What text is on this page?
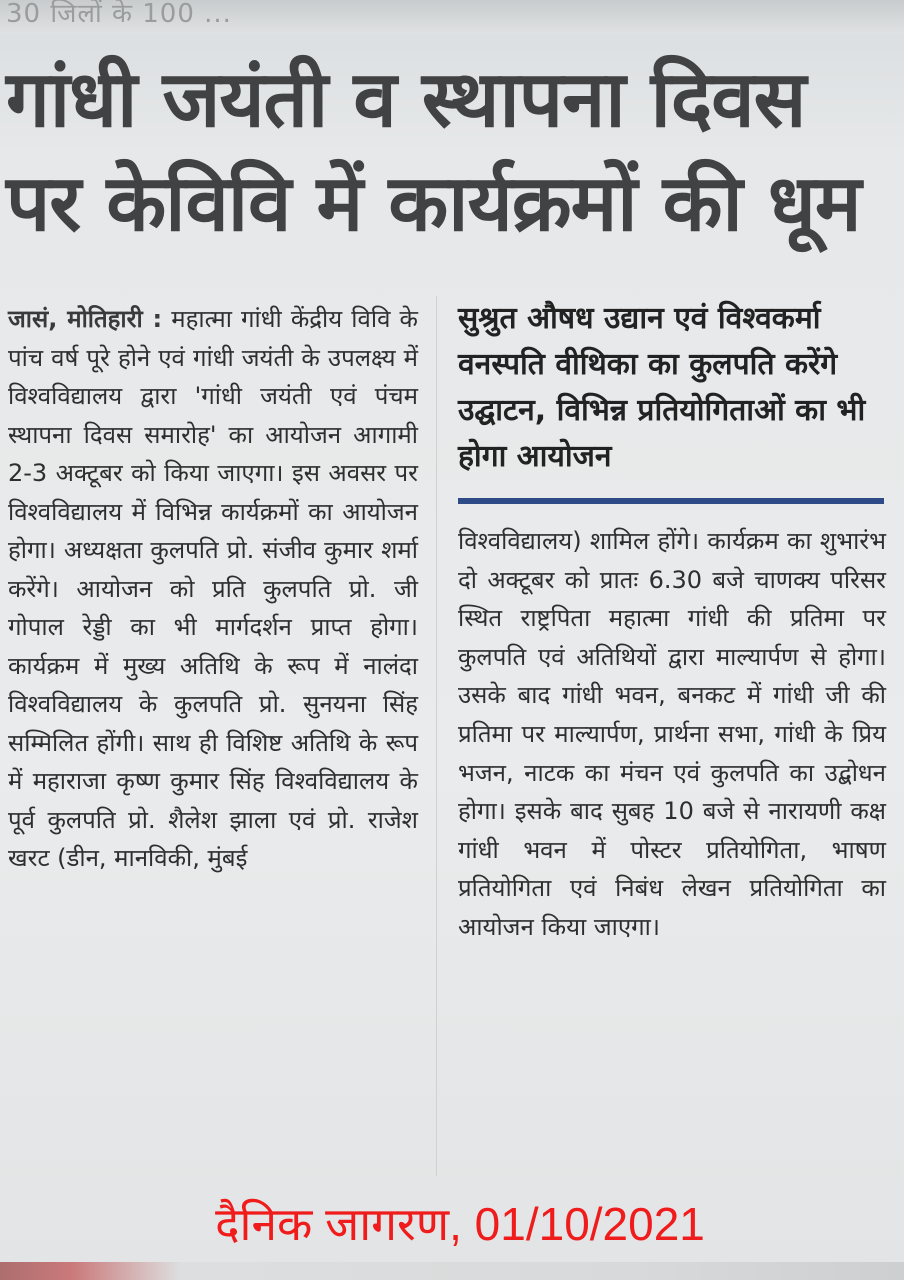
30 जिलों के 100 ...
गांधी जयंती व स्थापना दिवस
पर केविवि में कार्यक्रमों की धूम
जासं, मोतिहारी : महात्मा गांधी केंद्रीय विवि के पांच वर्ष पूरे होने एवं गांधी जयंती के उपलक्ष्य में विश्वविद्यालय द्वारा 'गांधी जयंती एवं पंचम स्थापना दिवस समारोह' का आयोजन आगामी 2-3 अक्टूबर को किया जाएगा। इस अवसर पर विश्वविद्यालय में विभिन्न कार्यक्रमों का आयोजन होगा। अध्यक्षता कुलपति प्रो. संजीव कुमार शर्मा करेंगे। आयोजन को प्रति कुलपति प्रो. जी गोपाल रेड्डी का भी मार्गदर्शन प्राप्त होगा। कार्यक्रम में मुख्य अतिथि के रूप में नालंदा विश्वविद्यालय के कुलपति प्रो. सुनयना सिंह सम्मिलित होंगी। साथ ही विशिष्ट अतिथि के रूप में महाराजा कृष्ण कुमार सिंह विश्वविद्यालय के पूर्व कुलपति प्रो. शैलेश झाला एवं प्रो. राजेश खरट (डीन, मानविकी, मुंबई

सुश्रुत औषध उद्यान एवं विश्वकर्मा वनस्पति वीथिका का कुलपति करेंगे उद्घाटन, विभिन्न प्रतियोगिताओं का भी होगा आयोजन

विश्वविद्यालय) शामिल होंगे। कार्यक्रम का शुभारंभ दो अक्टूबर को प्रातः 6.30 बजे चाणक्य परिसर स्थित राष्ट्रपिता महात्मा गांधी की प्रतिमा पर कुलपति एवं अतिथियों द्वारा माल्यार्पण से होगा। उसके बाद गांधी भवन, बनकट में गांधी जी की प्रतिमा पर माल्यार्पण, प्रार्थना सभा, गांधी के प्रिय भजन, नाटक का मंचन एवं कुलपति का उद्बोधन होगा। इसके बाद सुबह 10 बजे से नारायणी कक्ष गांधी भवन में पोस्टर प्रतियोगिता, भाषण प्रतियोगिता एवं निबंध लेखन प्रतियोगिता का आयोजन किया जाएगा।
दैनिक जागरण, 01/10/2021
